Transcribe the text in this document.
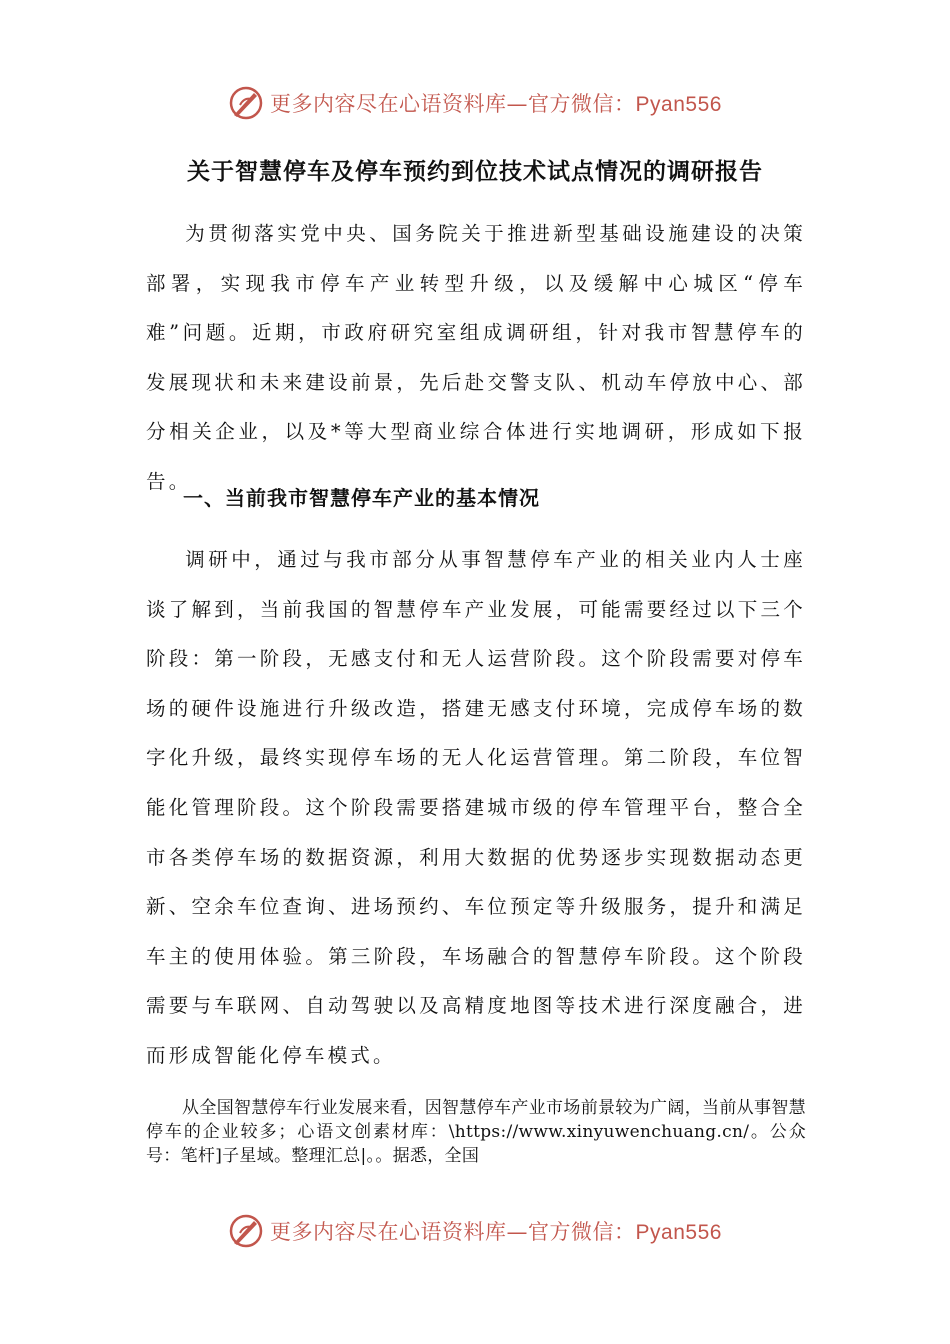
更多内容尽在心语资料库—官方微信：Pyan556
关于智慧停车及停车预约到位技术试点情况的调研报告
为贯彻落实党中央、国务院关于推进新型基础设施建设的决策部署，实现我市停车产业转型升级，以及缓解中心城区“停车难”问题。近期，市政府研究室组成调研组，针对我市智慧停车的发展现状和未来建设前景，先后赴交警支队、机动车停放中心、部分相关企业，以及*等大型商业综合体进行实地调研，形成如下报告。
一、当前我市智慧停车产业的基本情况
调研中，通过与我市部分从事智慧停车产业的相关业内人士座谈了解到，当前我国的智慧停车产业发展，可能需要经过以下三个阶段：第一阶段，无感支付和无人运营阶段。这个阶段需要对停车场的硬件设施进行升级改造，搭建无感支付环境，完成停车场的数字化升级，最终实现停车场的无人化运营管理。第二阶段，车位智能化管理阶段。这个阶段需要搭建城市级的停车管理平台，整合全市各类停车场的数据资源，利用大数据的优势逐步实现数据动态更新、空余车位查询、进场预约、车位预定等升级服务，提升和满足车主的使用体验。第三阶段，车场融合的智慧停车阶段。这个阶段需要与车联网、自动驾驶以及高精度地图等技术进行深度融合，进而形成智能化停车模式。
从全国智慧停车行业发展来看，因智慧停车产业市场前景较为广阔，当前从事智慧停车的企业较多；心语文创素材库：\https://www.xinyuwenchuang.cn/。公众号：笔杆]子星域。整理汇总|。。据悉，全国
更多内容尽在心语资料库—官方微信：Pyan556
